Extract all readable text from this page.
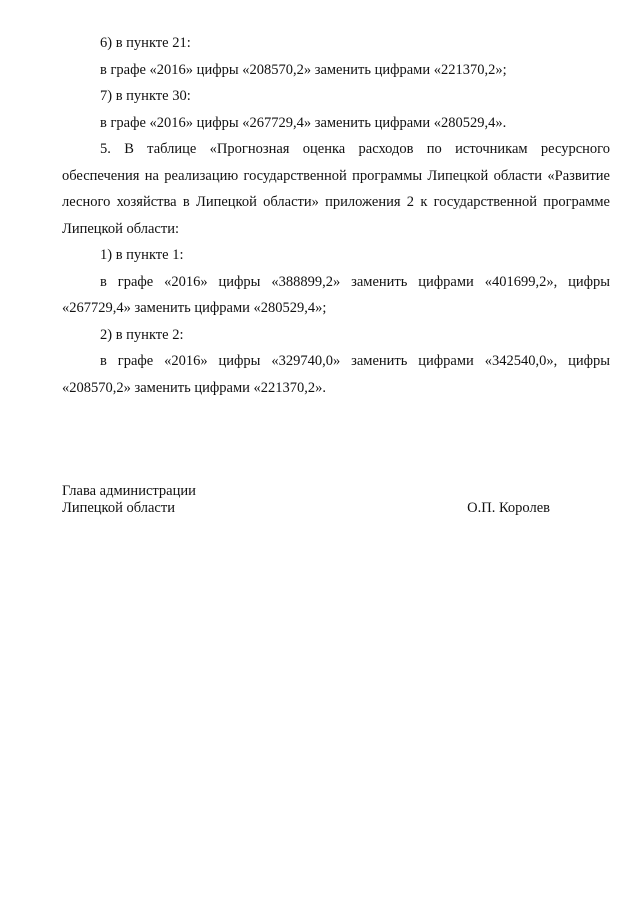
6) в пункте 21:

в графе «2016» цифры «208570,2» заменить цифрами «221370,2»;

7) в пункте 30:

в графе «2016» цифры «267729,4» заменить цифрами «280529,4».

5. В таблице «Прогнозная оценка расходов по источникам ресурсного обеспечения на реализацию государственной программы Липецкой области «Развитие лесного хозяйства в Липецкой области» приложения 2 к государственной программе Липецкой области:

1) в пункте 1:

в графе «2016» цифры «388899,2» заменить цифрами «401699,2», цифры «267729,4» заменить цифрами «280529,4»;

2) в пункте 2:

в графе «2016» цифры «329740,0» заменить цифрами «342540,0», цифры «208570,2» заменить цифрами «221370,2».

Глава администрации
Липецкой области	О.П. Королев
